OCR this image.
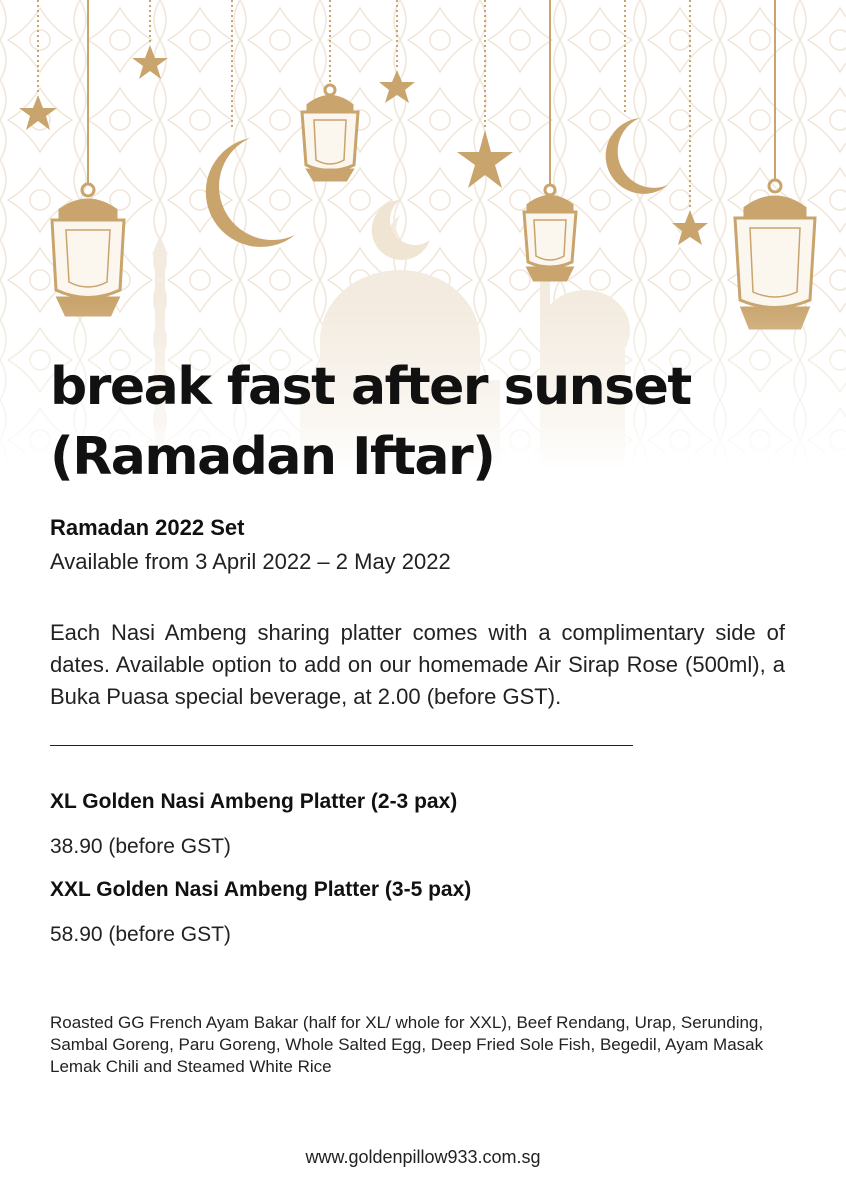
break fast after sunset
(Ramadan Iftar)

Ramadan 2022 Set

Available from 3 April 2022 – 2 May 2022

Each Nasi Ambeng sharing platter comes with a complimentary side of dates. Available option to add on our homemade Air Sirap Rose (500ml), a Buka Puasa special beverage, at 2.00 (before GST).

XL Golden Nasi Ambeng Platter (2-3 pax)

38.90 (before GST)

XXL Golden Nasi Ambeng Platter (3-5 pax)

58.90 (before GST)

Roasted GG French Ayam Bakar (half for XL/ whole for XXL), Beef Rendang, Urap, Serunding, Sambal Goreng, Paru Goreng, Whole Salted Egg, Deep Fried Sole Fish, Begedil, Ayam Masak Lemak Chili and Steamed White Rice

www.goldenpillow933.com.sg
